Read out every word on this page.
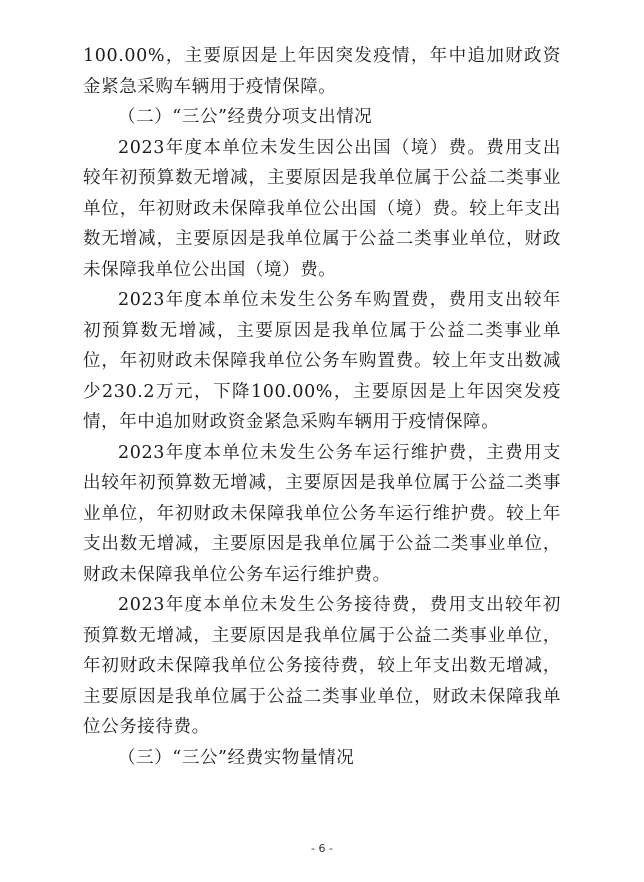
100.00%，主要原因是上年因突发疫情，年中追加财政资金紧急采购车辆用于疫情保障。

（二）“三公”经费分项支出情况

2023年度本单位未发生因公出国（境）费。费用支出较年初预算数无增减，主要原因是我单位属于公益二类事业单位，年初财政未保障我单位公出国（境）费。较上年支出数无增减，主要原因是我单位属于公益二类事业单位，财政未保障我单位公出国（境）费。

2023年度本单位未发生公务车购置费，费用支出较年初预算数无增减，主要原因是我单位属于公益二类事业单位，年初财政未保障我单位公务车购置费。较上年支出数减少230.2万元，下降100.00%，主要原因是上年因突发疫情，年中追加财政资金紧急采购车辆用于疫情保障。

2023年度本单位未发生公务车运行维护费，主费用支出较年初预算数无增减，主要原因是我单位属于公益二类事业单位，年初财政未保障我单位公务车运行维护费。较上年支出数无增减，主要原因是我单位属于公益二类事业单位，财政未保障我单位公务车运行维护费。

2023年度本单位未发生公务接待费，费用支出较年初预算数无增减，主要原因是我单位属于公益二类事业单位，年初财政未保障我单位公务接待费，较上年支出数无增减，主要原因是我单位属于公益二类事业单位，财政未保障我单位公务接待费。

（三）“三公”经费实物量情况

- 6 -
